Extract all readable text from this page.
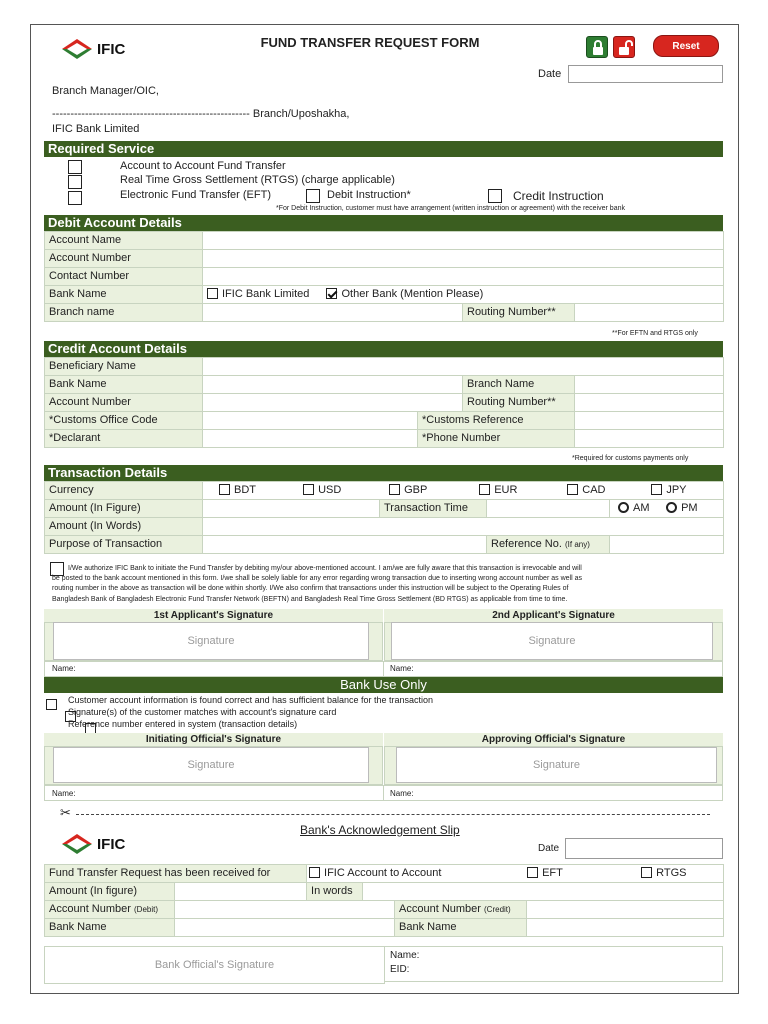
IFIC	FUND TRANSFER REQUEST FORM	Reset
Date
Branch Manager/OIC,
------------------------------------------------------ Branch/Uposhakha,
IFIC Bank Limited
Required Service
Account to Account Fund Transfer
Real Time Gross Settlement (RTGS) (charge applicable)
Electronic Fund Transfer (EFT)	Debit Instruction*	Credit Instruction
*For Debit Instruction, customer must have arrangement (written instruction or agreement) with the receiver bank
Debit Account Details
Account Name			
Account Number			
Contact Number			
Bank Name	IFIC Bank Limited Other Bank (Mention Please)		
Branch name		Routing Number**	
**For EFTN and RTGS only
Credit Account Details
Beneficiary Name				
Bank Name			Branch Name	
Account Number			Routing Number**	
*Customs Office Code		*Customs Reference		
*Declarant		*Phone Number		
*Required for customs payments only
Transaction Details
Currency	BDT USD GBP EUR CAD JPY			
Amount (In Figure)		Transaction Time		AM PM
Amount (In Words)				
Purpose of Transaction			Reference No. (If any)	
I/We authorize IFIC Bank to initiate the Fund Transfer by debiting my/our above-mentioned account. I am/we are fully aware that this transaction is irrevocable and will
be posted to the bank account mentioned in this form. I/we shall be solely liable for any error regarding wrong transaction due to inserting wrong account number as well as
routing number in the above as transaction will be done within shortly. I/We also confirm that transactions under this instruction will be subject to the Operating Rules of
Bangladesh Bank of Bangladesh Electronic Fund Transfer Network (BEFTN) and Bangladesh Real Time Gross Settlement (BD RTGS) as applicable from time to time.
1st Applicant's Signature	2nd Applicant's Signature
Signature	Signature
Name:	Name:
Bank Use Only

Customer account information is found correct and has sufficient balance for the transaction

Signature(s) of the customer matches with account's signature card
Reference number entered in system (transaction details)
Initiating Official's Signature	Approving Official's Signature
Signature	Signature
Name:	Name:
✂
IFIC
Bank's Acknowledgement Slip
Date
Fund Transfer Request has been received for		IFIC Account to Account EFT RTGS			
Amount (In figure)		In words			
Account Number (Debit)				Account Number (Credit)	
Bank Name				Bank Name	
Bank Official's Signature
Name:
EID:
